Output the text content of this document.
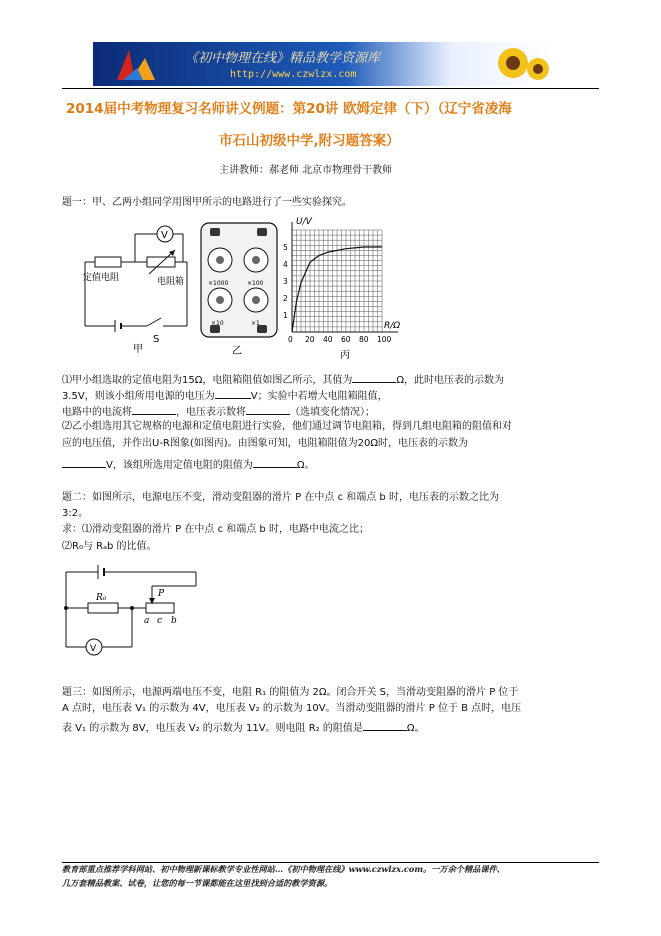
《初中物理在线》精品教学资源库
http://www.czwlzx.com
2014届中考物理复习名师讲义例题：第20讲 欧姆定律（下）（辽宁省凌海
市石山初级中学,附习题答案）
主讲教师：郝老师 北京市物理骨干教师
题一：甲、乙两小组同学用图甲所示的电路进行了一些实验探究。
V
定值电阻	电阻箱
S
甲
×1000	×100
×10	×1
乙
U/V
R/Ω
丙
0 20 40 60 80 100
1
2
3
4
5
⑴甲小组选取的定值电阻为15Ω，电阻箱阻值如图乙所示，其值为	Ω，此时电压表的示数为
3.5V，则该小组所用电源的电压为	V；实验中若增大电阻箱阻值，
电路中的电流将	，电压表示数将	（选填变化情况）；
⑵乙小组选用其它规格的电源和定值电阻进行实验，他们通过调节电阻箱，得到几组电阻箱的阻值和对
应的电压值，并作出U-R图象(如图丙)。由图象可知，电阻箱阻值为20Ω时，电压表的示数为
V，该组所选用定值电阻的阻值为	Ω。
题二：如图所示，电源电压不变，滑动变阻器的滑片 P 在中点 c 和端点 b 时，电压表的示数之比为
3:2。
求：⑴滑动变阻器的滑片 P 在中点 c 和端点 b 时，电路中电流之比；
⑵R₀与 Rₐb 的比值。
R₀	P
a c b
V
题三：如图所示，电源两端电压不变，电阻 R₁ 的阻值为 2Ω。闭合开关 S，当滑动变阻器的滑片 P 位于
A 点时，电压表 V₁ 的示数为 4V，电压表 V₂ 的示数为 10V。当滑动变阻器的滑片 P 位于 B 点时，电压
表 V₁ 的示数为 8V，电压表 V₂ 的示数为 11V。则电阻 R₂ 的阻值是	Ω。
教育部重点推荐学科网站、初中物理新课标教学专业性网站…《初中物理在线》www.czwlzx.com。一万余个精品课件、
几万套精品教案、试卷，让您的每一节课都能在这里找到合适的教学资源。
